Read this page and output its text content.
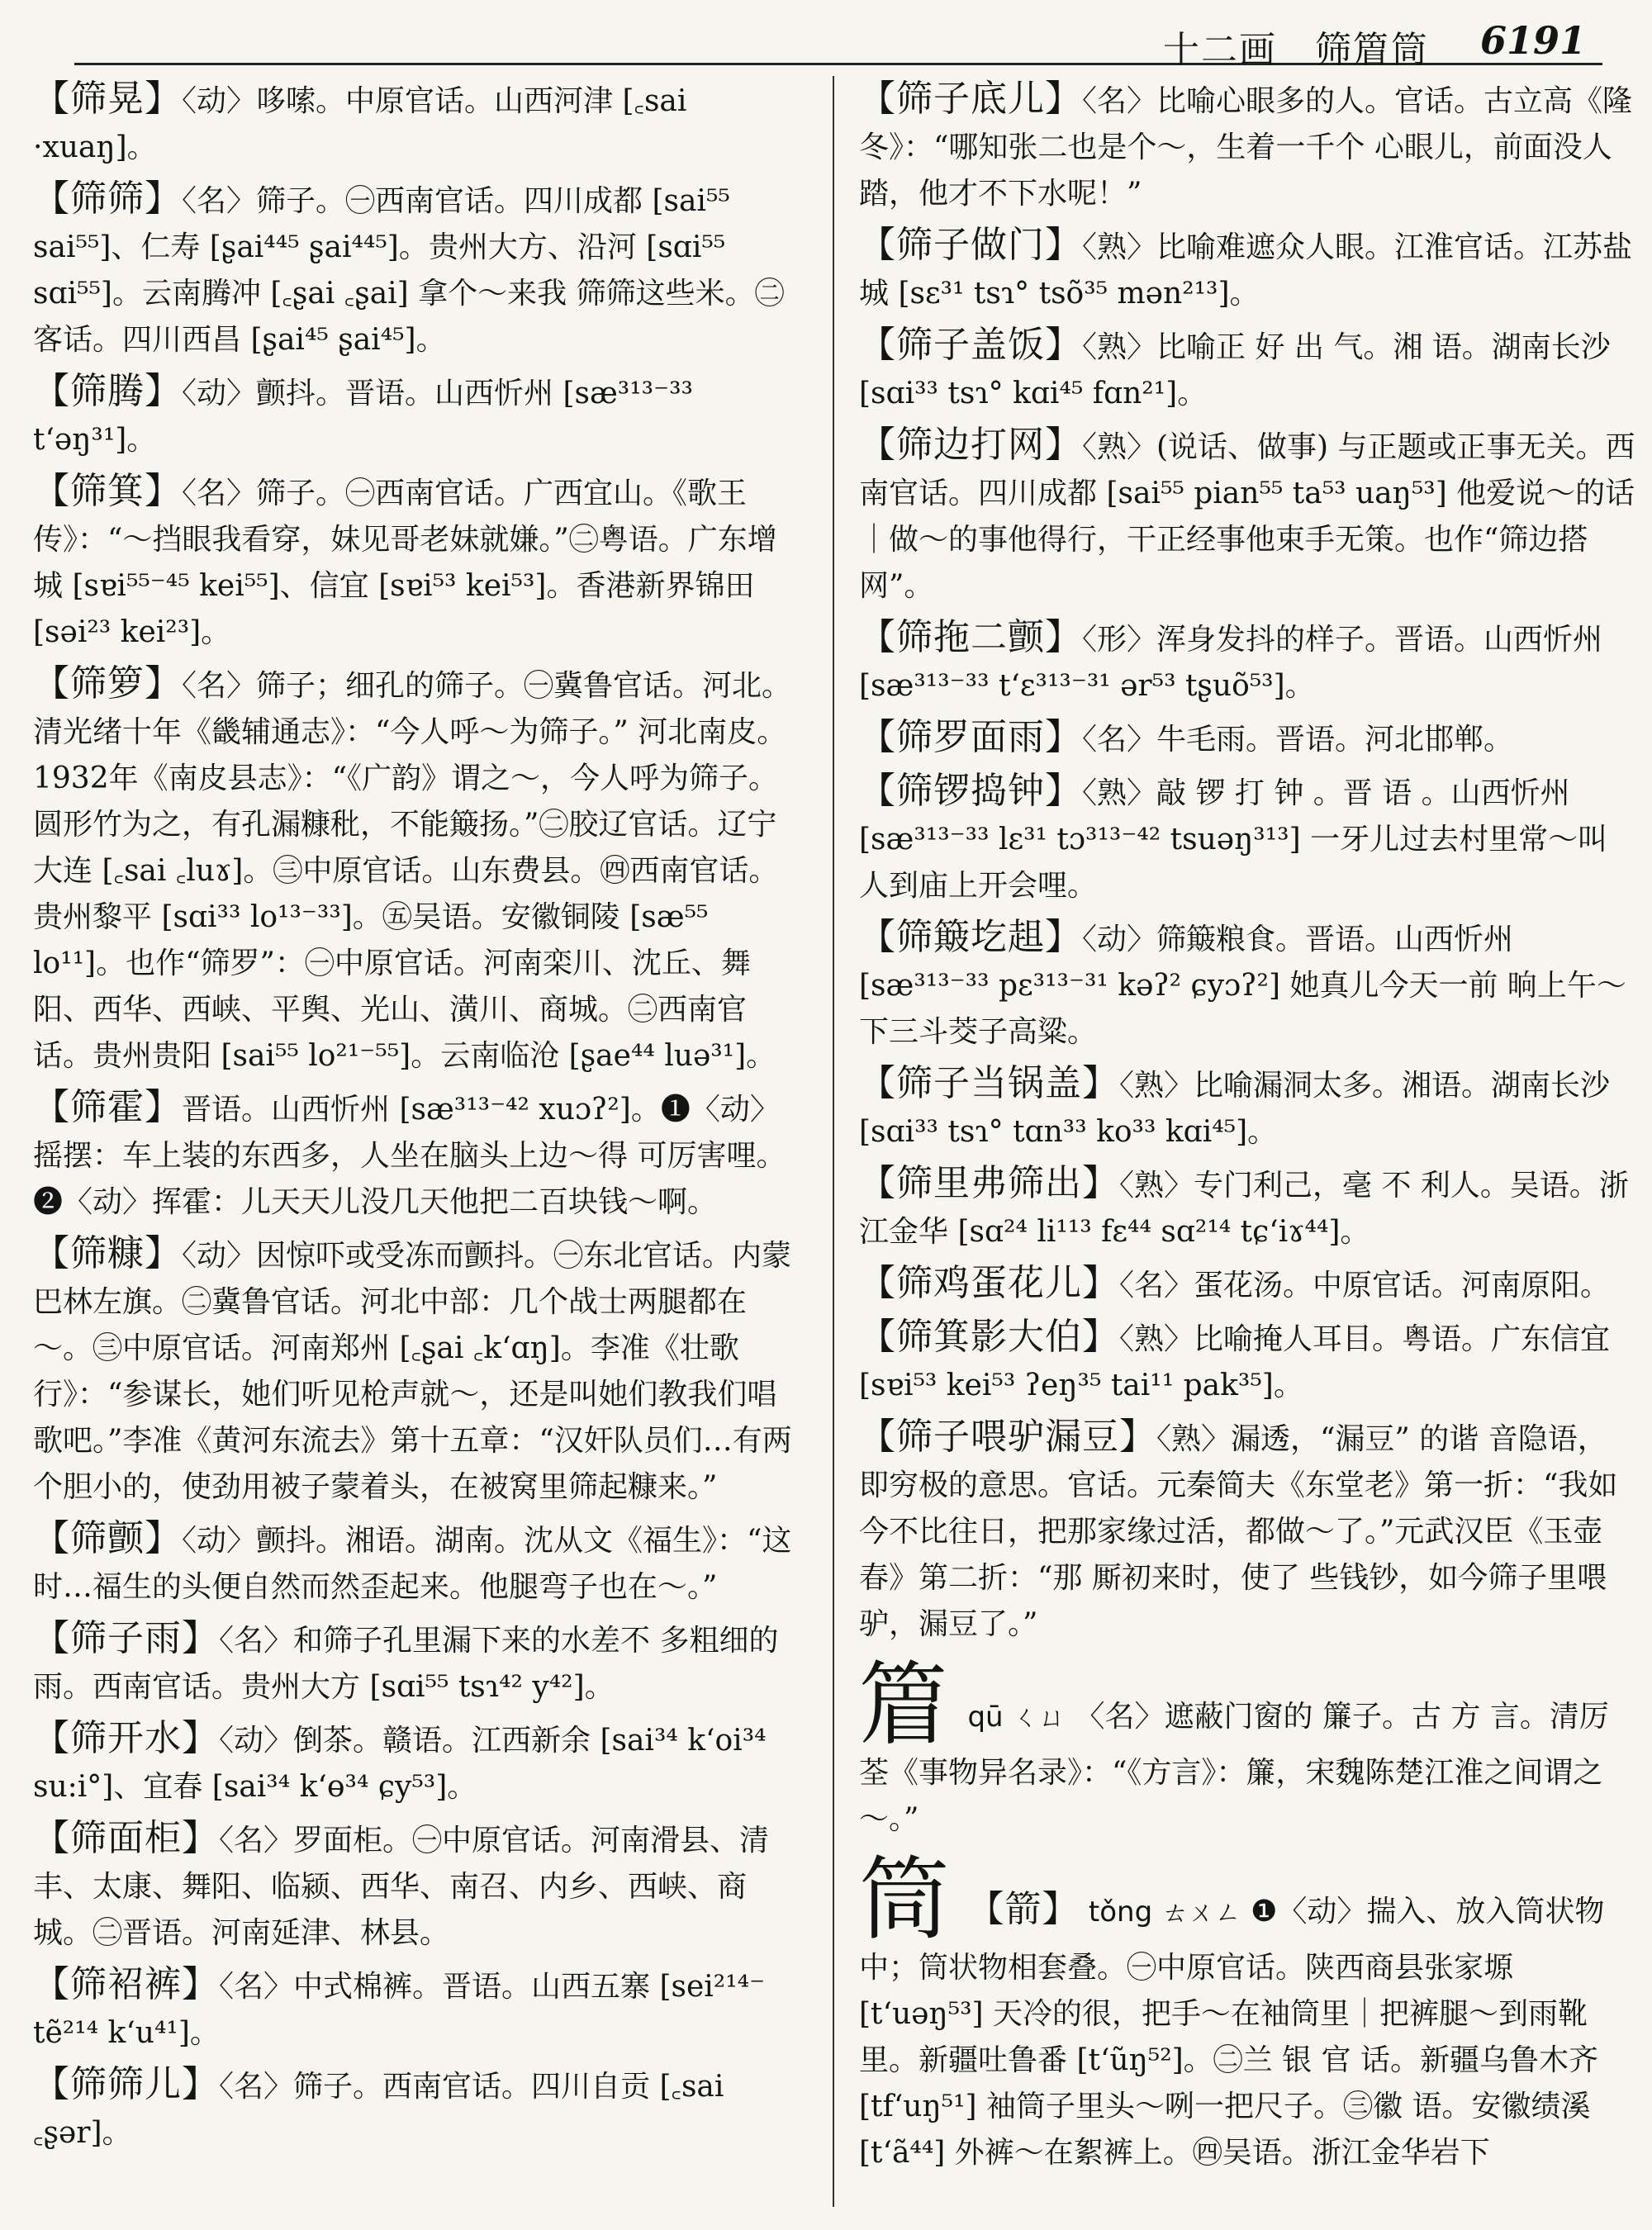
十二画　筛篃筒 6191
【筛晃】〈动〉哆嗦。中原官话。山西河津 [꜀sai ·xuaŋ]。
【筛筛】〈名〉筛子。㊀西南官话。四川成都 [sai⁵⁵ sai⁵⁵]、仁寿 [ʂai⁴⁴⁵ ʂai⁴⁴⁵]。贵州大方、沿河 [sɑi⁵⁵ sɑi⁵⁵]。云南腾冲 [꜀ʂai ꜀ʂai] 拿个～来我 筛筛这些米。㊁客话。四川西昌 [ʂai⁴⁵ ʂai⁴⁵]。
【筛腾】〈动〉颤抖。晋语。山西忻州 [sæ³¹³⁻³³ t‘əŋ³¹]。
【筛箕】〈名〉筛子。㊀西南官话。广西宜山。《歌王传》：“～挡眼我看穿，妹见哥老妹就嫌。”㊁粤语。广东增城 [sɐi⁵⁵⁻⁴⁵ kei⁵⁵]、信宜 [sɐi⁵³ kei⁵³]。香港新界锦田 [səi²³ kei²³]。
【筛箩】〈名〉筛子；细孔的筛子。㊀冀鲁官话。河北。清光绪十年《畿辅通志》：“今人呼～为筛子。” 河北南皮。1932年《南皮县志》：“《广韵》谓之～，今人呼为筛子。圆形竹为之，有孔漏糠秕，不能簸扬。”㊁胶辽官话。辽宁大连 [꜀sai ꜀luɤ]。㊂中原官话。山东费县。㊃西南官话。贵州黎平 [sɑi³³ lo¹³⁻³³]。㊄吴语。安徽铜陵 [sæ⁵⁵ lo¹¹]。也作“筛罗”：㊀中原官话。河南栾川、沈丘、舞阳、西华、西峡、平舆、光山、潢川、商城。㊁西南官话。贵州贵阳 [sai⁵⁵ lo²¹⁻⁵⁵]。云南临沧 [ʂae⁴⁴ luə³¹]。
【筛霍】晋语。山西忻州 [sæ³¹³⁻⁴² xuɔʔ²]。❶〈动〉摇摆：车上装的东西多，人坐在脑头上边～得 可厉害哩。❷〈动〉挥霍：儿天天儿没几天他把二百块钱～啊。
【筛糠】〈动〉因惊吓或受冻而颤抖。㊀东北官话。内蒙巴林左旗。㊁冀鲁官话。河北中部：几个战士两腿都在～。㊂中原官话。河南郑州 [꜀ʂai ꜀k‘ɑŋ]。李准《壮歌行》：“参谋长，她们听见枪声就～，还是叫她们教我们唱歌吧。”李准《黄河东流去》第十五章：“汉奸队员们…有两个胆小的，使劲用被子蒙着头，在被窝里筛起糠来。”
【筛颤】〈动〉颤抖。湘语。湖南。沈从文《福生》：“这时…福生的头便自然而然歪起来。他腿弯子也在～。”
【筛子雨】〈名〉和筛子孔里漏下来的水差不 多粗细的雨。西南官话。贵州大方 [sɑi⁵⁵ tsɿ⁴² y⁴²]。
【筛开水】〈动〉倒茶。赣语。江西新余 [sai³⁴ k‘oi³⁴ su:i°]、宜春 [sai³⁴ k‘ɵ³⁴ ɕy⁵³]。
【筛面柜】〈名〉罗面柜。㊀中原官话。河南滑县、清丰、太康、舞阳、临颍、西华、南召、内乡、西峡、商城。㊁晋语。河南延津、林县。
【筛袑裤】〈名〉中式棉裤。晋语。山西五寨 [sei²¹⁴⁻ tẽ²¹⁴ k‘u⁴¹]。
【筛筛儿】〈名〉筛子。西南官话。四川自贡 [꜀sai ꜀ʂər]。
【筛子底儿】〈名〉比喻心眼多的人。官话。古立高《隆冬》：“哪知张二也是个～，生着一千个 心眼儿，前面没人踏，他才不下水呢！”
【筛子做门】〈熟〉比喻难遮众人眼。江淮官话。江苏盐城 [sɛ³¹ tsɿ° tsõ³⁵ mən²¹³]。
【筛子盖饭】〈熟〉比喻正 好 出 气。湘 语。湖南长沙 [sɑi³³ tsɿ° kɑi⁴⁵ fɑn²¹]。
【筛边打网】〈熟〉(说话、做事) 与正题或正事无关。西南官话。四川成都 [sai⁵⁵ pian⁵⁵ ta⁵³ uaŋ⁵³] 他爱说～的话｜做～的事他得行，干正经事他束手无策。也作“筛边搭网”。
【筛拖二颤】〈形〉浑身发抖的样子。晋语。山西忻州 [sæ³¹³⁻³³ t‘ɛ³¹³⁻³¹ ər⁵³ tʂuõ⁵³]。
【筛罗面雨】〈名〉牛毛雨。晋语。河北邯郸。
【筛锣捣钟】〈熟〉敲 锣 打 钟 。晋 语 。山西忻州 [sæ³¹³⁻³³ lɛ³¹ tɔ³¹³⁻⁴² tsuəŋ³¹³] 一牙儿过去村里常～叫人到庙上开会哩。
【筛簸圪趄】〈动〉筛簸粮食。晋语。山西忻州 [sæ³¹³⁻³³ pɛ³¹³⁻³¹ kəʔ² ɕyɔʔ²] 她真儿今天一前 晌上午～下三斗茭子高粱。
【筛子当锅盖】〈熟〉比喻漏洞太多。湘语。湖南长沙 [sɑi³³ tsɿ° tɑn³³ ko³³ kɑi⁴⁵]。
【筛里弗筛出】〈熟〉专门利己，毫 不 利人。吴语。浙江金华 [sɑ²⁴ li¹¹³ fɛ⁴⁴ sɑ²¹⁴ tɕ‘iɤ⁴⁴]。
【筛鸡蛋花儿】〈名〉蛋花汤。中原官话。河南原阳。
【筛箕影大伯】〈熟〉比喻掩人耳目。粤语。广东信宜 [sɐi⁵³ kei⁵³ ʔeŋ³⁵ tai¹¹ pak³⁵]。
【筛子喂驴漏豆】〈熟〉漏透，“漏豆” 的谐 音隐语，即穷极的意思。官话。元秦简夫《东堂老》第一折：“我如今不比往日，把那家缘过活，都做～了。”元武汉臣《玉壶春》第二折：“那 厮初来时，使了 些钱钞，如今筛子里喂驴，漏豆了。”
篃 qū ㄑㄩ 〈名〉遮蔽门窗的 簾子。古 方 言。清厉荃《事物异名录》：“《方言》：簾，宋魏陈楚江淮之间谓之～。”
筒 【箭】 tǒng ㄊㄨㄥ ❶〈动〉揣入、放入筒状物中；筒状物相套叠。㊀中原官话。陕西商县张家塬 [t‘uəŋ⁵³] 天冷的很，把手～在袖筒里｜把裤腿～到雨靴里。新疆吐鲁番 [t‘ũŋ⁵²]。㊁兰 银 官 话。新疆乌鲁木齐 [tf‘uŋ⁵¹] 袖筒子里头～咧一把尺子。㊂徽 语。安徽绩溪 [t‘ã⁴⁴] 外裤～在絮裤上。㊃吴语。浙江金华岩下
